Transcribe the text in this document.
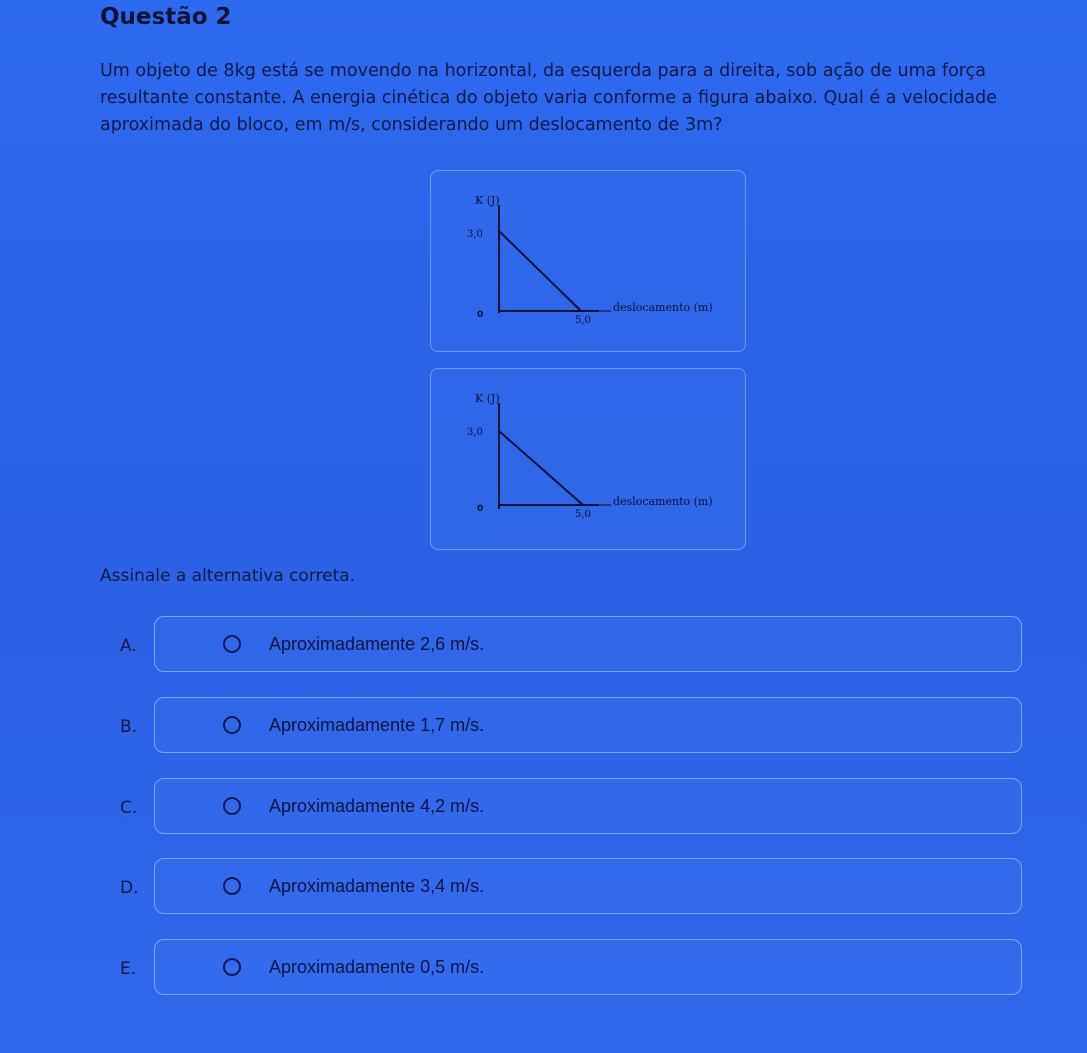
Questão 2
Um objeto de 8kg está se movendo na horizontal, da esquerda para a direita, sob ação de uma força resultante constante. A energia cinética do objeto varia conforme a figura abaixo. Qual é a velocidade aproximada do bloco, em m/s, considerando um deslocamento de 3m?
K (J)
3,0
0	5,0
deslocamento (m)
K (J)
3,0
0	5,0
deslocamento (m)
Assinale a alternativa correta.
A.	Aproximadamente 2,6 m/s.
B.	Aproximadamente 1,7 m/s.
C.	Aproximadamente 4,2 m/s.
D.	Aproximadamente 3,4 m/s.
E.	Aproximadamente 0,5 m/s.
